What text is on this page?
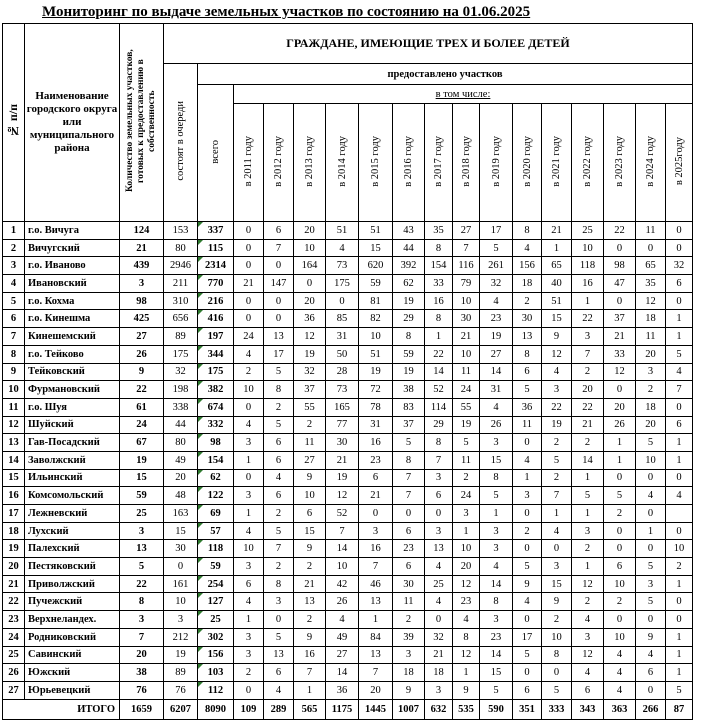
Мониторинг по выдаче земельных участков по состоянию на 01.06.2025
№ п/п	Наименование городского округа или муниципального района	Количество земельных участков, готовых к предоставлению в собственность	ГРАЖДАНЕ, ИМЕЮЩИЕ ТРЕХ И БОЛЕЕ ДЕТЕЙ																
			состоят в очереди	предоставлено участков															
				всего	в том числе:														
					в 2011 году	в 2012 году	в 2013 году	в 2014 году	в 2015 году	в 2016 году	в 2017 году	в 2018 году	в 2019 году	в 2020 году	в 2021 году	в 2022 году	в 2023 году	в 2024 году	в 2025году
1	г.о. Вичуга	124	153	337	0	6	20	51	51	43	35	27	17	8	21	25	22	11	0
2	Вичугский	21	80	115	0	7	10	4	15	44	8	7	5	4	1	10	0	0	0
3	г.о. Иваново	439	2946	2314	0	0	164	73	620	392	154	116	261	156	65	118	98	65	32
4	Ивановский	3	211	770	21	147	0	175	59	62	33	79	32	18	40	16	47	35	6
5	г.о. Кохма	98	310	216	0	0	20	0	81	19	16	10	4	2	51	1	0	12	0
6	г.о. Кинешма	425	656	416	0	0	36	85	82	29	8	30	23	30	15	22	37	18	1
7	Кинешемский	27	89	197	24	13	12	31	10	8	1	21	19	13	9	3	21	11	1
8	г.о. Тейково	26	175	344	4	17	19	50	51	59	22	10	27	8	12	7	33	20	5
9	Тейковский	9	32	175	2	5	32	28	19	19	14	11	14	6	4	2	12	3	4
10	Фурмановский	22	198	382	10	8	37	73	72	38	52	24	31	5	3	20	0	2	7
11	г.о. Шуя	61	338	674	0	2	55	165	78	83	114	55	4	36	22	22	20	18	0
12	Шуйский	24	44	332	4	5	2	77	31	37	29	19	26	11	19	21	26	20	6
13	Гав-Посадский	67	80	98	3	6	11	30	16	5	8	5	3	0	2	2	1	5	1
14	Заволжский	19	49	154	1	6	27	21	23	8	7	11	15	4	5	14	1	10	1
15	Ильинский	15	20	62	0	4	9	19	6	7	3	2	8	1	2	1	0	0	0
16	Комсомольский	59	48	122	3	6	10	12	21	7	6	24	5	3	7	5	5	4	4
17	Лежневский	25	163	69	1	2	6	52	0	0	0	3	1	0	1	1	2	0	
18	Лухский	3	15	57	4	5	15	7	3	6	3	1	3	2	4	3	0	1	0
19	Палехский	13	30	118	10	7	9	14	16	23	13	10	3	0	0	2	0	0	10
20	Пестяковский	5	0	59	3	2	2	10	7	6	4	20	4	5	3	1	6	5	2
21	Приволжский	22	161	254	6	8	21	42	46	30	25	12	14	9	15	12	10	3	1
22	Пучежский	8	10	127	4	3	13	26	13	11	4	23	8	4	9	2	2	5	0
23	Верхнеландех.	3	3	25	1	0	2	4	1	2	0	4	3	0	2	4	0	0	0
24	Родниковский	7	212	302	3	5	9	49	84	39	32	8	23	17	10	3	10	9	1
25	Савинский	20	19	156	3	13	16	27	13	3	21	12	14	5	8	12	4	4	1
26	Южский	38	89	103	2	6	7	14	7	18	18	1	15	0	0	4	4	6	1
27	Юрьевецкий	76	76	112	0	4	1	36	20	9	3	9	5	6	5	6	4	0	5
ИТОГО		1659	6207	8090	109	289	565	1175	1445	1007	632	535	590	351	333	343	363	266	87
